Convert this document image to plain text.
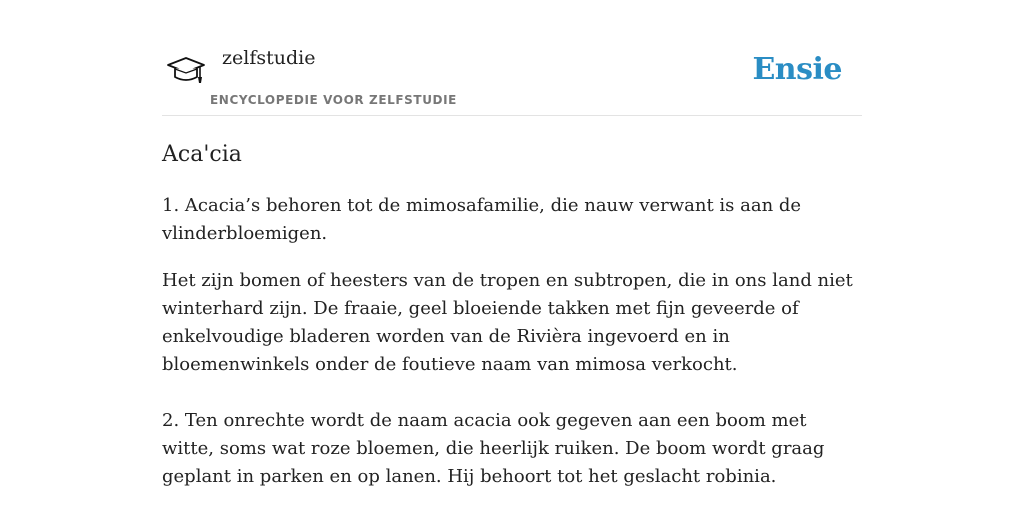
zelfstudie
ENCYCLOPEDIE VOOR ZELFSTUDIE
Ensie
Aca'cia

1. Acacia’s behoren tot de mimosafamilie, die nauw verwant is aan de vlinderbloemigen.

Het zijn bomen of heesters van de tropen en subtropen, die in ons land niet winterhard zijn. De fraaie, geel bloeiende takken met fijn geveerde of enkelvoudige bladeren worden van de Rivièra ingevoerd en in bloemenwinkels onder de foutieve naam van mimosa verkocht.

2. Ten onrechte wordt de naam acacia ook gegeven aan een boom met witte, soms wat roze bloemen, die heerlijk ruiken. De boom wordt graag geplant in parken en op lanen. Hij behoort tot het geslacht robinia.
